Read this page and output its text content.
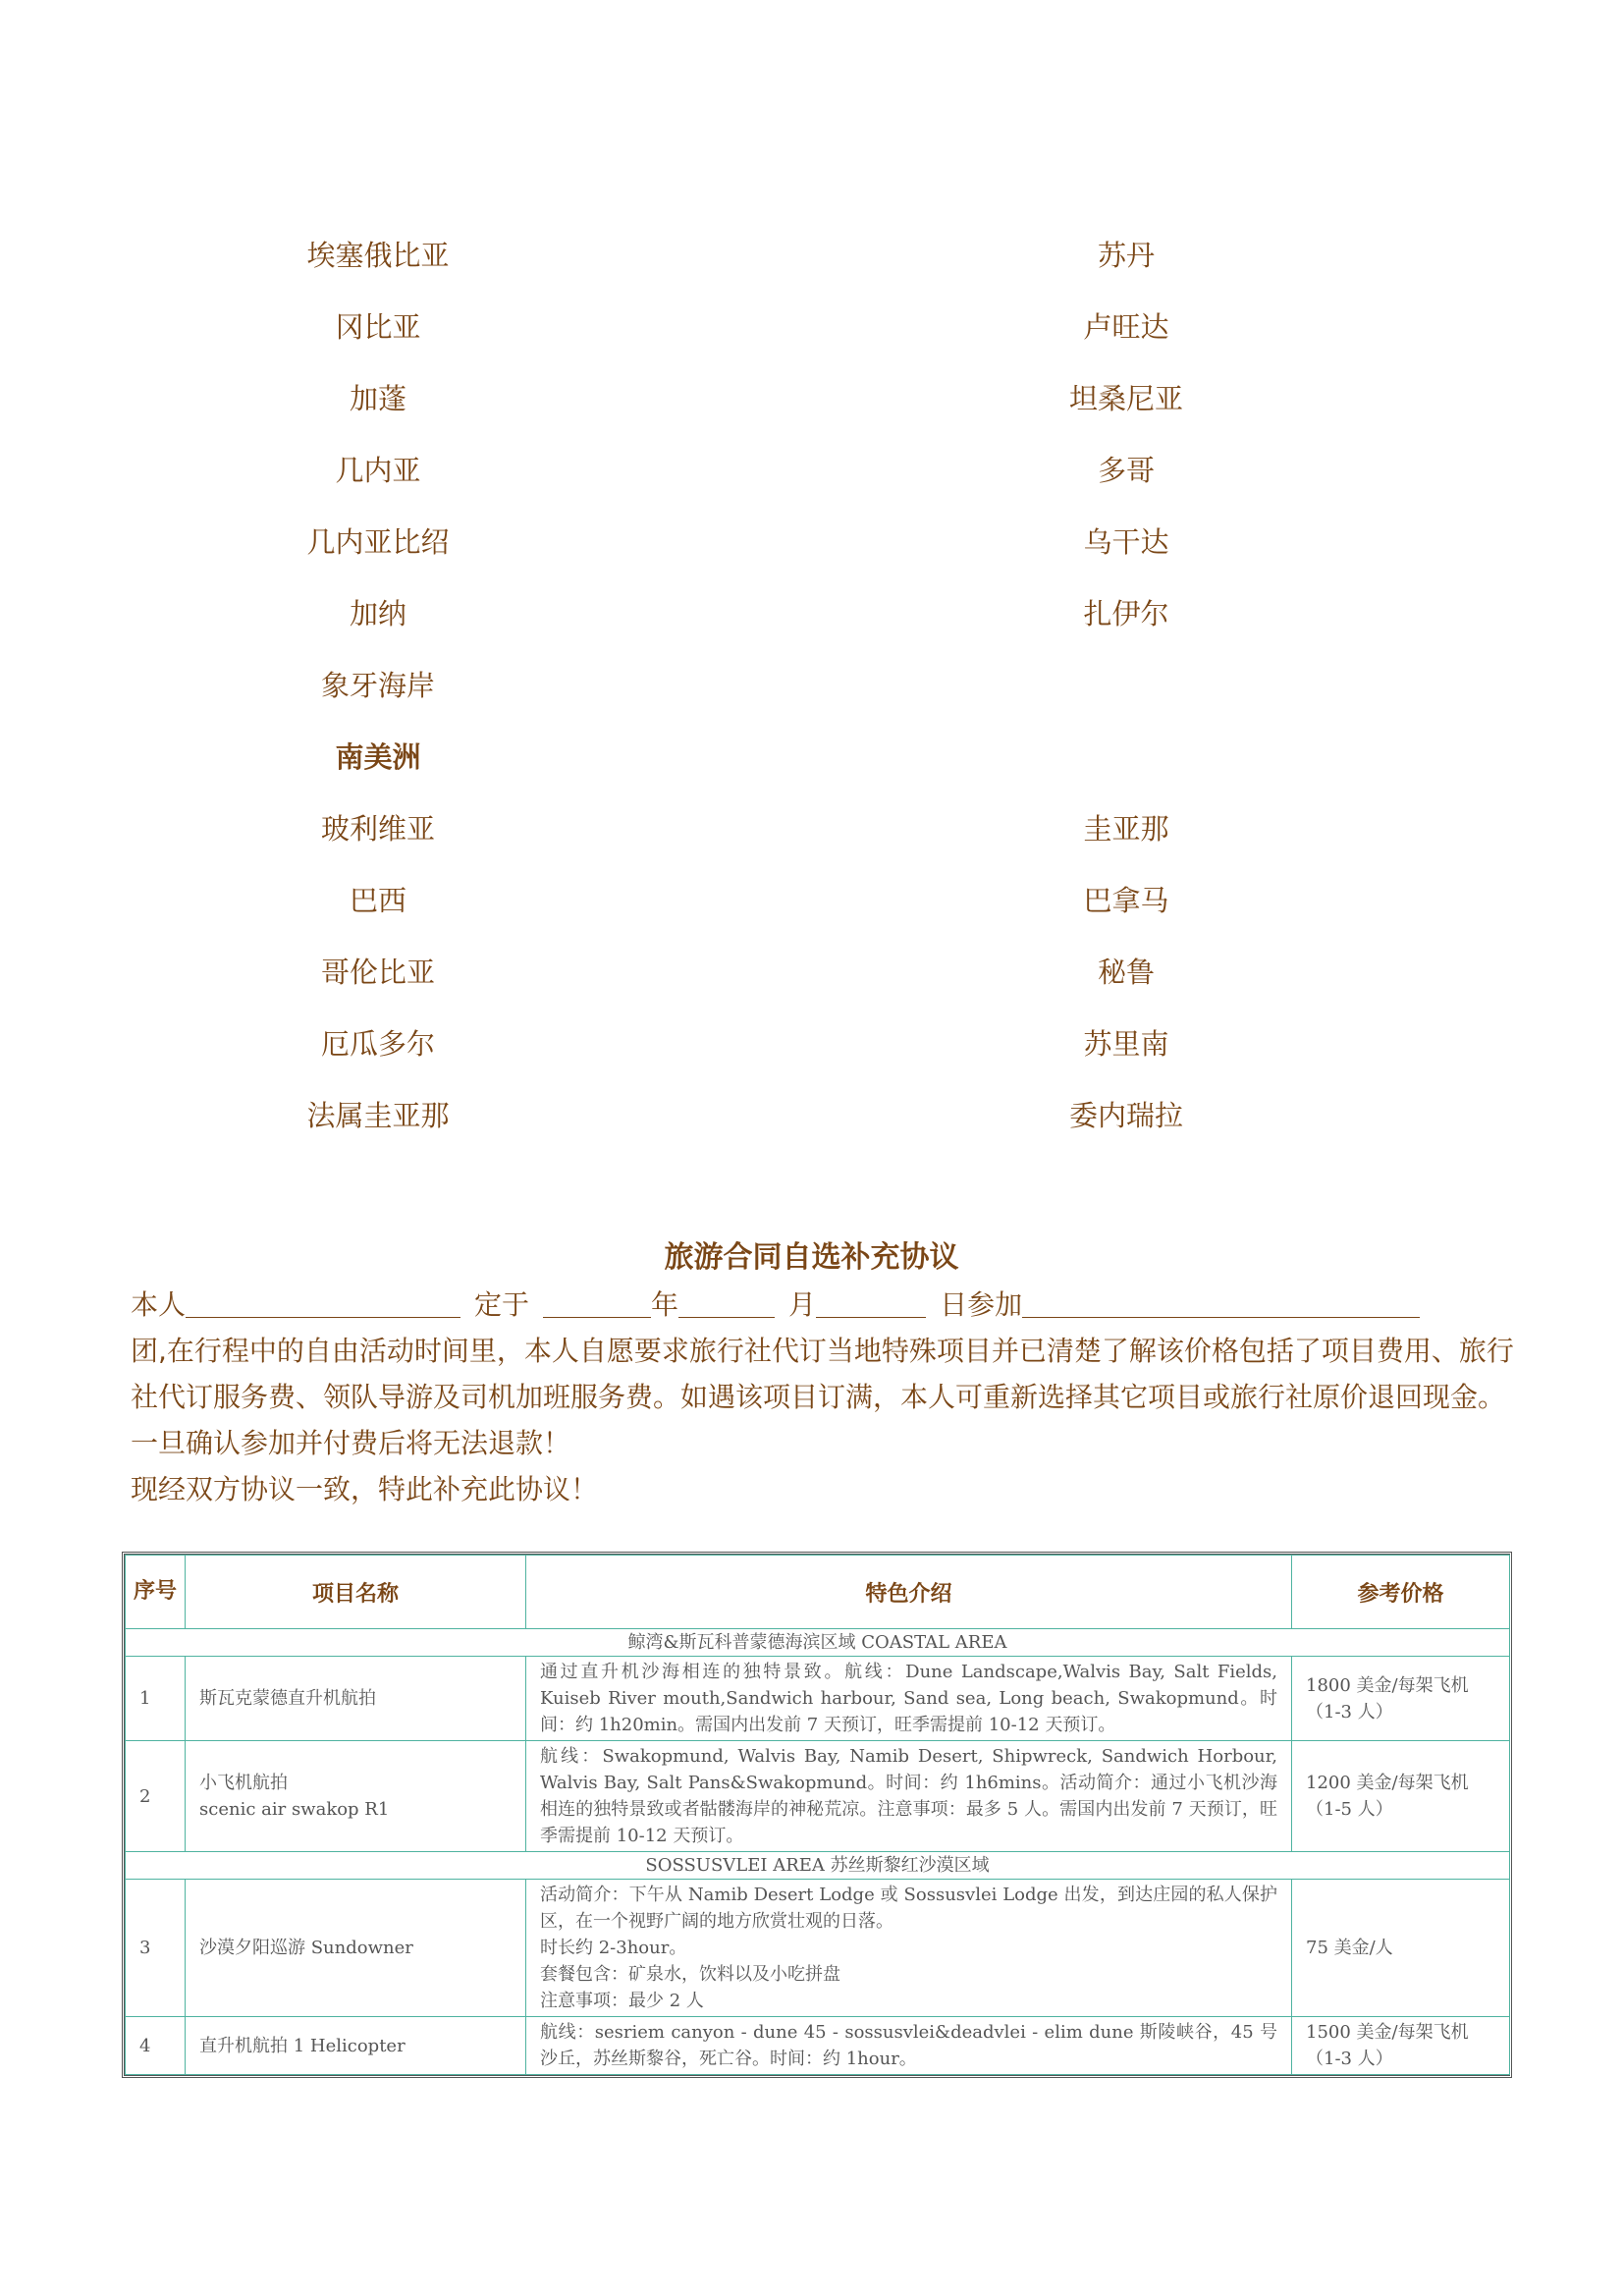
埃塞俄比亚	苏丹
冈比亚	卢旺达
加蓬	坦桑尼亚
几内亚	多哥
几内亚比绍	乌干达
加纳	扎伊尔
象牙海岸
南美洲
玻利维亚	圭亚那
巴西	巴拿马
哥伦比亚	秘鲁
厄瓜多尔	苏里南
法属圭亚那	委内瑞拉
旅游合同自选补充协议

本人	定于	年	月	日参加

团,在行程中的自由活动时间里，本人自愿要求旅行社代订当地特殊项目并已清楚了解该价格包括了项目费用、旅行

社代订服务费、领队导游及司机加班服务费。如遇该项目订满，本人可重新选择其它项目或旅行社原价退回现金。

一旦确认参加并付费后将无法退款！

现经双方协议一致，特此补充此协议！

序号	项目名称	特色介绍	参考价格
鲸湾&斯瓦科普蒙德海滨区域 COASTAL AREA			
1	斯瓦克蒙德直升机航拍	通过直升机沙海相连的独特景致。航线：Dune Landscape,Walvis Bay, Salt Fields, Kuiseb River mouth,Sandwich harbour, Sand sea, Long beach, Swakopmund。时间：约 1h20min。需国内出发前 7 天预订，旺季需提前 10-12 天预订。	1800 美金/每架飞机（1-3 人）
2	小飞机航拍
scenic air swakop R1	航线：Swakopmund, Walvis Bay, Namib Desert, Shipwreck, Sandwich Horbour, Walvis Bay, Salt Pans&Swakopmund。时间：约 1h6mins。活动简介：通过小飞机沙海相连的独特景致或者骷髅海岸的神秘荒凉。注意事项：最多 5 人。需国内出发前 7 天预订，旺季需提前 10-12 天预订。	1200 美金/每架飞机（1-5 人）
SOSSUSVLEI AREA 苏丝斯黎红沙漠区域			
3	沙漠夕阳巡游 Sundowner	活动简介：下午从 Namib Desert Lodge 或 Sossusvlei Lodge 出发，到达庄园的私人保护区，在一个视野广阔的地方欣赏壮观的日落。
时长约 2-3hour。
套餐包含：矿泉水，饮料以及小吃拼盘
注意事项：最少 2 人	75 美金/人
4	直升机航拍 1 Helicopter	航线：sesriem canyon - dune 45 - sossusvlei&deadvlei - elim dune 斯陵峡谷，45 号沙丘，苏丝斯黎谷，死亡谷。时间：约 1hour。	1500 美金/每架飞机（1-3 人）
